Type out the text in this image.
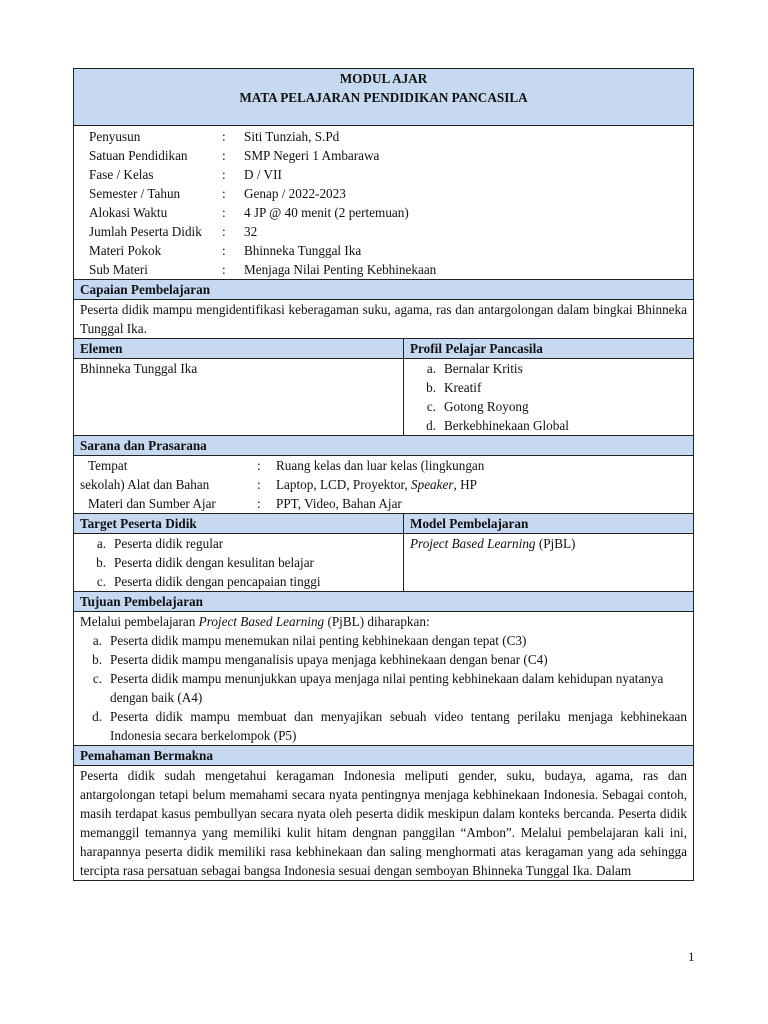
MODUL AJAR
MATA PELAJARAN PENDIDIKAN PANCASILA
Penyusun	:	Siti Tunziah, S.Pd
Satuan Pendidikan	:	SMP Negeri 1 Ambarawa
Fase / Kelas	:	D / VII
Semester / Tahun	:	Genap / 2022-2023
Alokasi Waktu	:	4 JP @ 40 menit (2 pertemuan)
Jumlah Peserta Didik	:	32
Materi Pokok	:	Bhinneka Tunggal Ika
Sub Materi	:	Menjaga Nilai Penting Kebhinekaan
Capaian Pembelajaran
Peserta didik mampu mengidentifikasi keberagaman suku, agama, ras dan antargolongan dalam bingkai Bhinneka Tunggal Ika.
Elemen	Profil Pelajar Pancasila
Bhinneka Tunggal Ika	a. Bernalar Kritis
b. Kreatif
c. Gotong Royong
d. Berkebhinekaan Global
Sarana dan Prasarana
Tempat	:	Ruang kelas dan luar kelas (lingkungan
sekolah) Alat dan Bahan	:	Laptop, LCD, Proyektor, Speaker, HP
Materi dan Sumber Ajar	:	PPT, Video, Bahan Ajar
Target Peserta Didik	Model Pembelajaran
a. Peserta didik regular
b. Peserta didik dengan kesulitan belajar
c. Peserta didik dengan pencapaian tinggi
Project Based Learning (PjBL)
Tujuan Pembelajaran
Melalui pembelajaran Project Based Learning (PjBL) diharapkan:
a. Peserta didik mampu menemukan nilai penting kebhinekaan dengan tepat (C3)
b. Peserta didik mampu menganalisis upaya menjaga kebhinekaan dengan benar (C4)
c. Peserta didik mampu menunjukkan upaya menjaga nilai penting kebhinekaan dalam kehidupan nyatanya dengan baik (A4)
d. Peserta didik mampu membuat dan menyajikan sebuah video tentang perilaku menjaga kebhinekaan Indonesia secara berkelompok (P5)
Pemahaman Bermakna
Peserta didik sudah mengetahui keragaman Indonesia meliputi gender, suku, budaya, agama, ras dan antargolongan tetapi belum memahami secara nyata pentingnya menjaga kebhinekaan Indonesia. Sebagai contoh, masih terdapat kasus pembullyan secara nyata oleh peserta didik meskipun dalam konteks bercanda. Peserta didik memanggil temannya yang memiliki kulit hitam dengnan panggilan “Ambon”. Melalui pembelajaran kali ini, harapannya peserta didik memiliki rasa kebhinekaan dan saling menghormati atas keragaman yang ada sehingga tercipta rasa persatuan sebagai bangsa Indonesia sesuai dengan semboyan Bhinneka Tunggal Ika. Dalam
1
